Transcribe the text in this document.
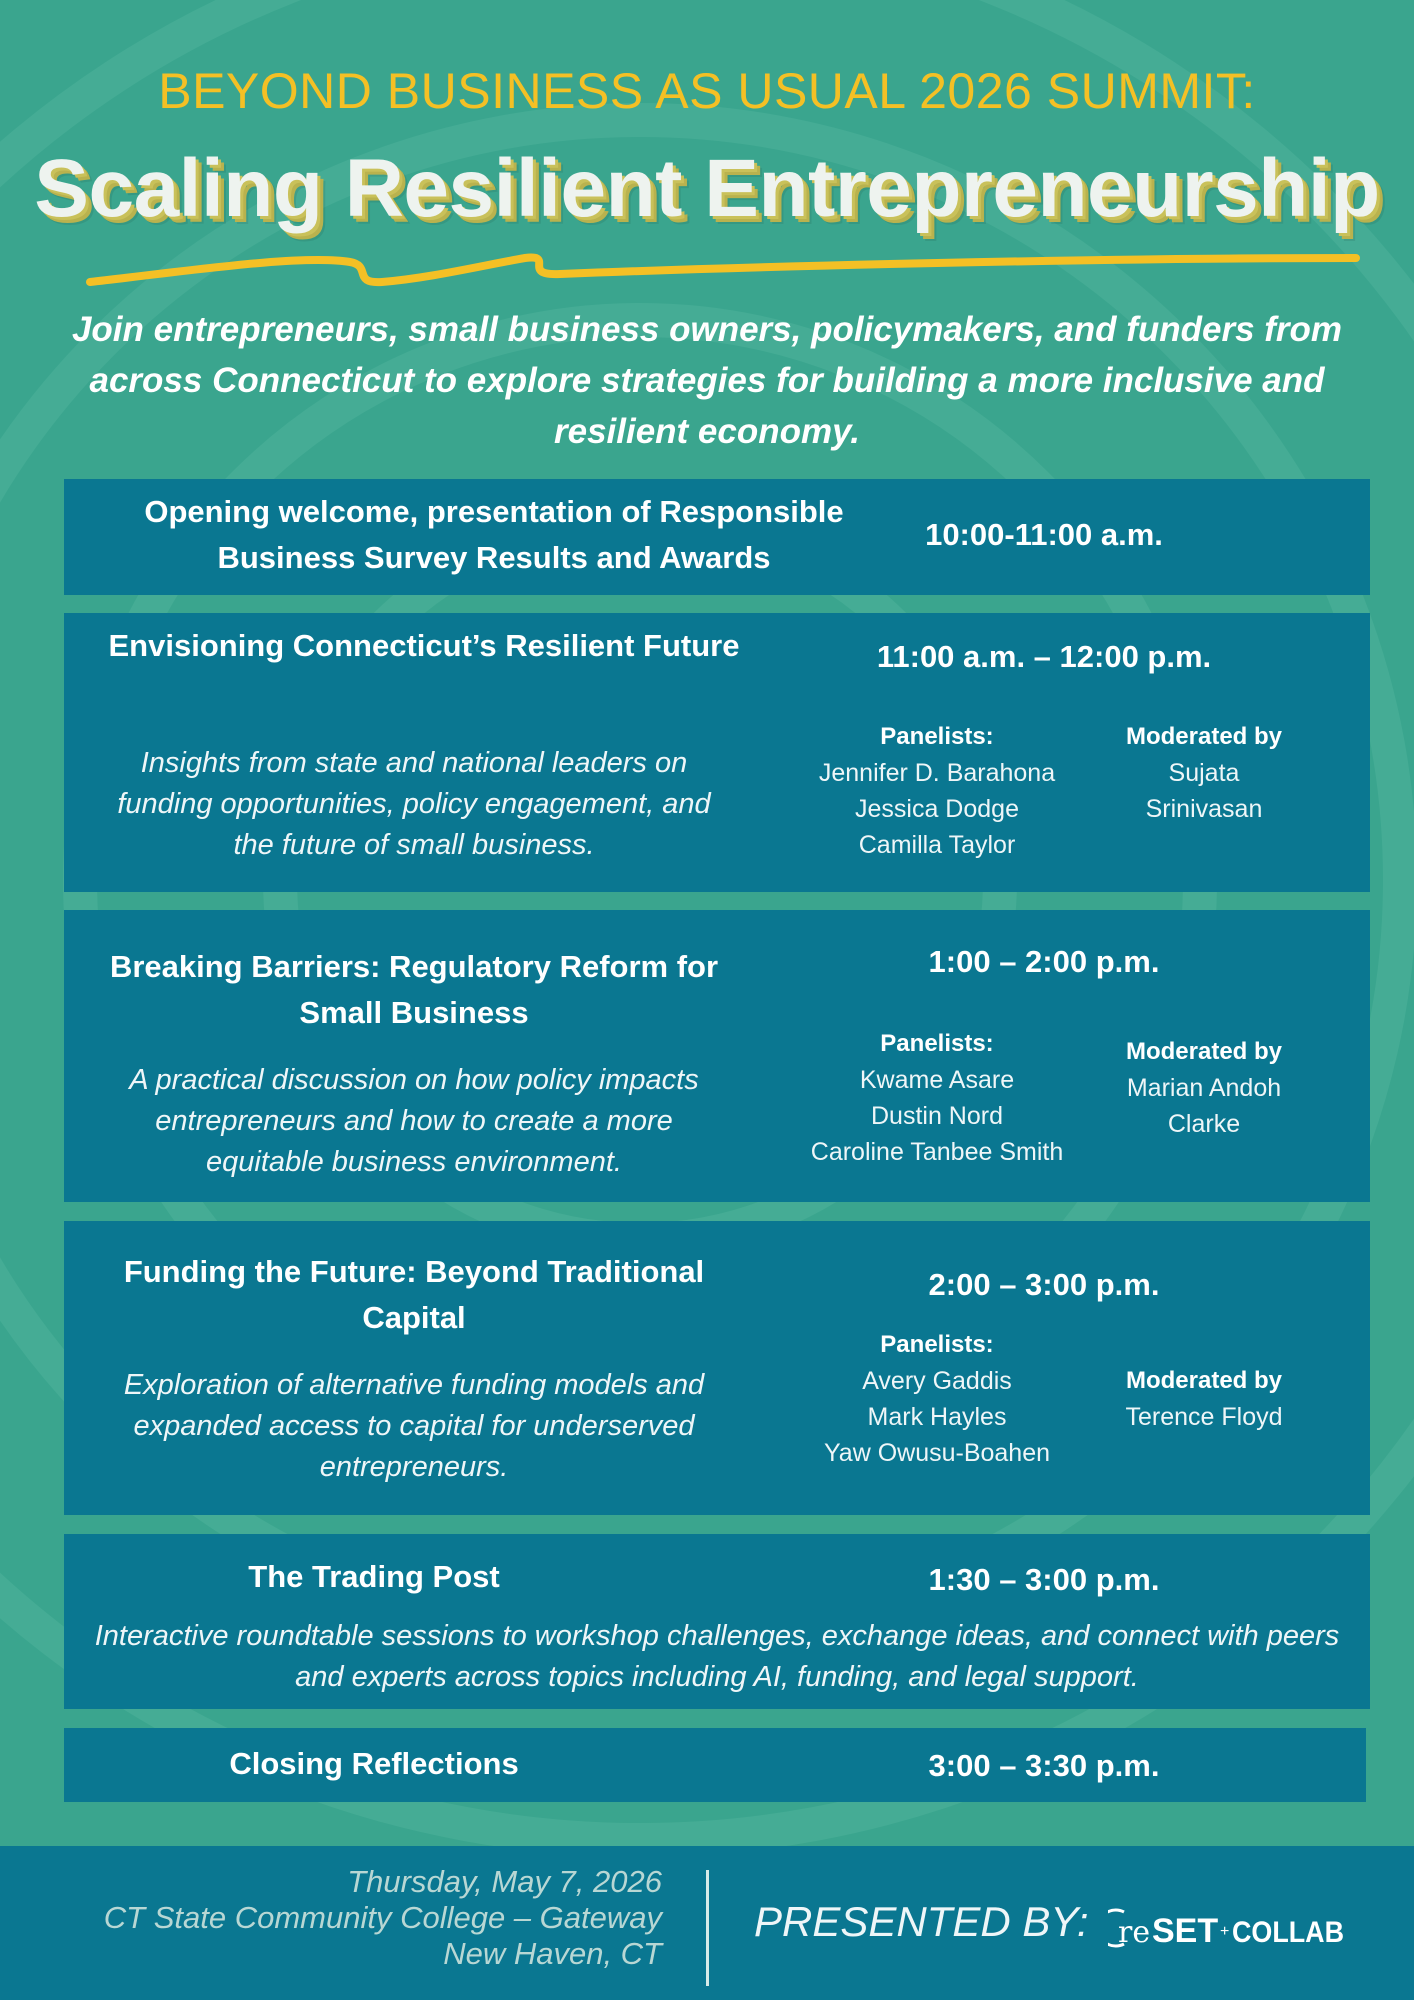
BEYOND BUSINESS AS USUAL 2026 SUMMIT:
Scaling Resilient Entrepreneurship
Join entrepreneurs, small business owners, policymakers, and funders from across Connecticut to explore strategies for building a more inclusive and resilient economy.
Opening welcome, presentation of Responsible Business Survey Results and Awards
10:00-11:00 a.m.
Envisioning Connecticut’s Resilient Future
Insights from state and national leaders on funding opportunities, policy engagement, and the future of small business.
11:00 a.m. – 12:00 p.m.
Panelists:
Jennifer D. Barahona
Jessica Dodge
Camilla Taylor
Moderated by
Sujata
Srinivasan
Breaking Barriers: Regulatory Reform for Small Business
A practical discussion on how policy impacts entrepreneurs and how to create a more equitable business environment.
1:00 – 2:00 p.m.
Panelists:
Kwame Asare
Dustin Nord
Caroline Tanbee Smith
Moderated by
Marian Andoh
Clarke
Funding the Future: Beyond Traditional Capital
Exploration of alternative funding models and expanded access to capital for underserved entrepreneurs.
2:00 – 3:00 p.m.
Panelists:
Avery Gaddis
Mark Hayles
Yaw Owusu-Boahen
Moderated by
Terence Floyd
The Trading Post	1:30 – 3:00 p.m.
Interactive roundtable sessions to workshop challenges, exchange ideas, and connect with peers and experts across topics including AI, funding, and legal support.
Closing Reflections	3:00 – 3:30 p.m.
Thursday, May 7, 2026
CT State Community College – Gateway
New Haven, CT
PRESENTED BY: re SET + COLLAB
